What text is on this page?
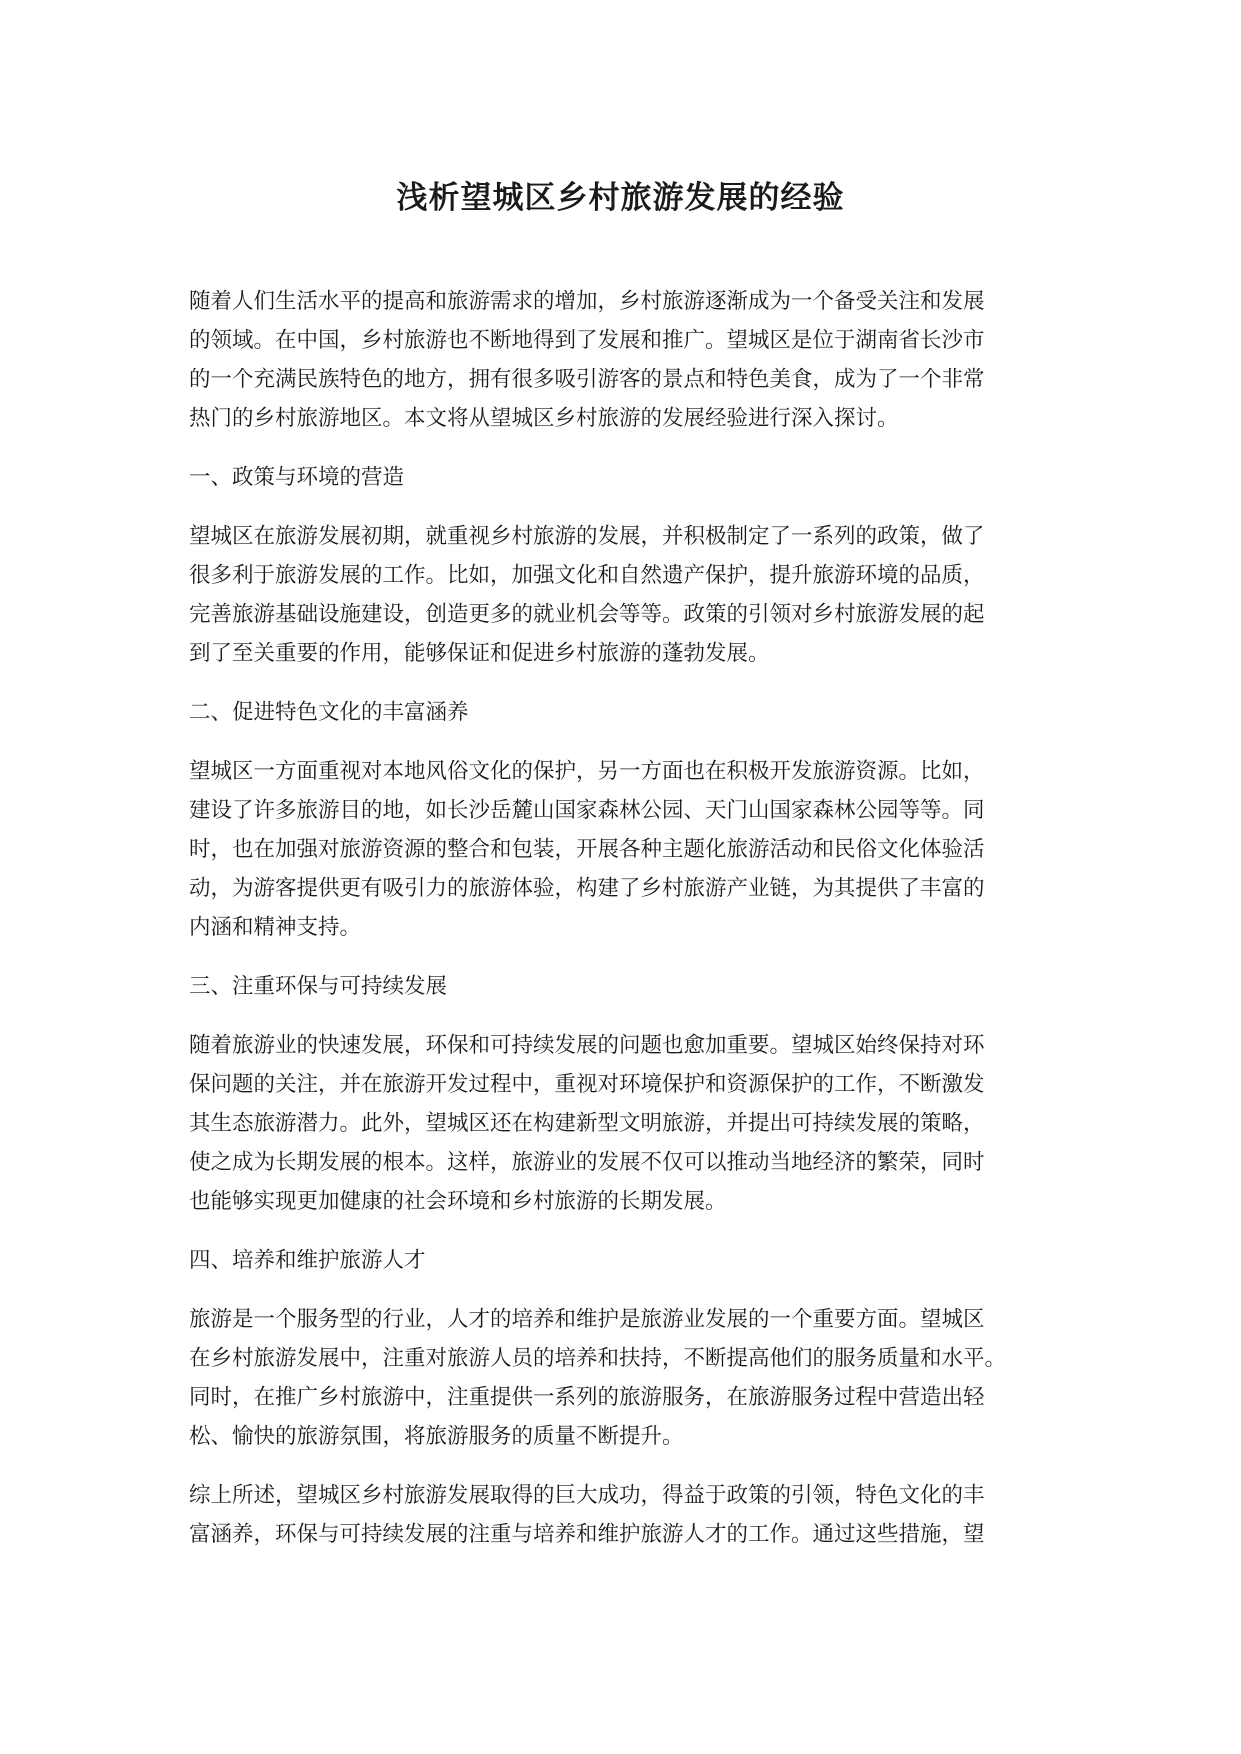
浅析望城区乡村旅游发展的经验

随着人们生活水平的提高和旅游需求的增加，乡村旅游逐渐成为一个备受关注和发展
的领域。在中国，乡村旅游也不断地得到了发展和推广。望城区是位于湖南省长沙市
的一个充满民族特色的地方，拥有很多吸引游客的景点和特色美食，成为了一个非常
热门的乡村旅游地区。本文将从望城区乡村旅游的发展经验进行深入探讨。

一、政策与环境的营造

望城区在旅游发展初期，就重视乡村旅游的发展，并积极制定了一系列的政策，做了
很多利于旅游发展的工作。比如，加强文化和自然遗产保护，提升旅游环境的品质，
完善旅游基础设施建设，创造更多的就业机会等等。政策的引领对乡村旅游发展的起
到了至关重要的作用，能够保证和促进乡村旅游的蓬勃发展。

二、促进特色文化的丰富涵养

望城区一方面重视对本地风俗文化的保护，另一方面也在积极开发旅游资源。比如，
建设了许多旅游目的地，如长沙岳麓山国家森林公园、天门山国家森林公园等等。同
时，也在加强对旅游资源的整合和包装，开展各种主题化旅游活动和民俗文化体验活
动，为游客提供更有吸引力的旅游体验，构建了乡村旅游产业链，为其提供了丰富的
内涵和精神支持。

三、注重环保与可持续发展

随着旅游业的快速发展，环保和可持续发展的问题也愈加重要。望城区始终保持对环
保问题的关注，并在旅游开发过程中，重视对环境保护和资源保护的工作，不断激发
其生态旅游潜力。此外，望城区还在构建新型文明旅游，并提出可持续发展的策略，
使之成为长期发展的根本。这样，旅游业的发展不仅可以推动当地经济的繁荣，同时
也能够实现更加健康的社会环境和乡村旅游的长期发展。

四、培养和维护旅游人才

旅游是一个服务型的行业，人才的培养和维护是旅游业发展的一个重要方面。望城区
在乡村旅游发展中，注重对旅游人员的培养和扶持，不断提高他们的服务质量和水平。
同时，在推广乡村旅游中，注重提供一系列的旅游服务，在旅游服务过程中营造出轻
松、愉快的旅游氛围，将旅游服务的质量不断提升。

综上所述，望城区乡村旅游发展取得的巨大成功，得益于政策的引领，特色文化的丰
富涵养，环保与可持续发展的注重与培养和维护旅游人才的工作。通过这些措施，望
